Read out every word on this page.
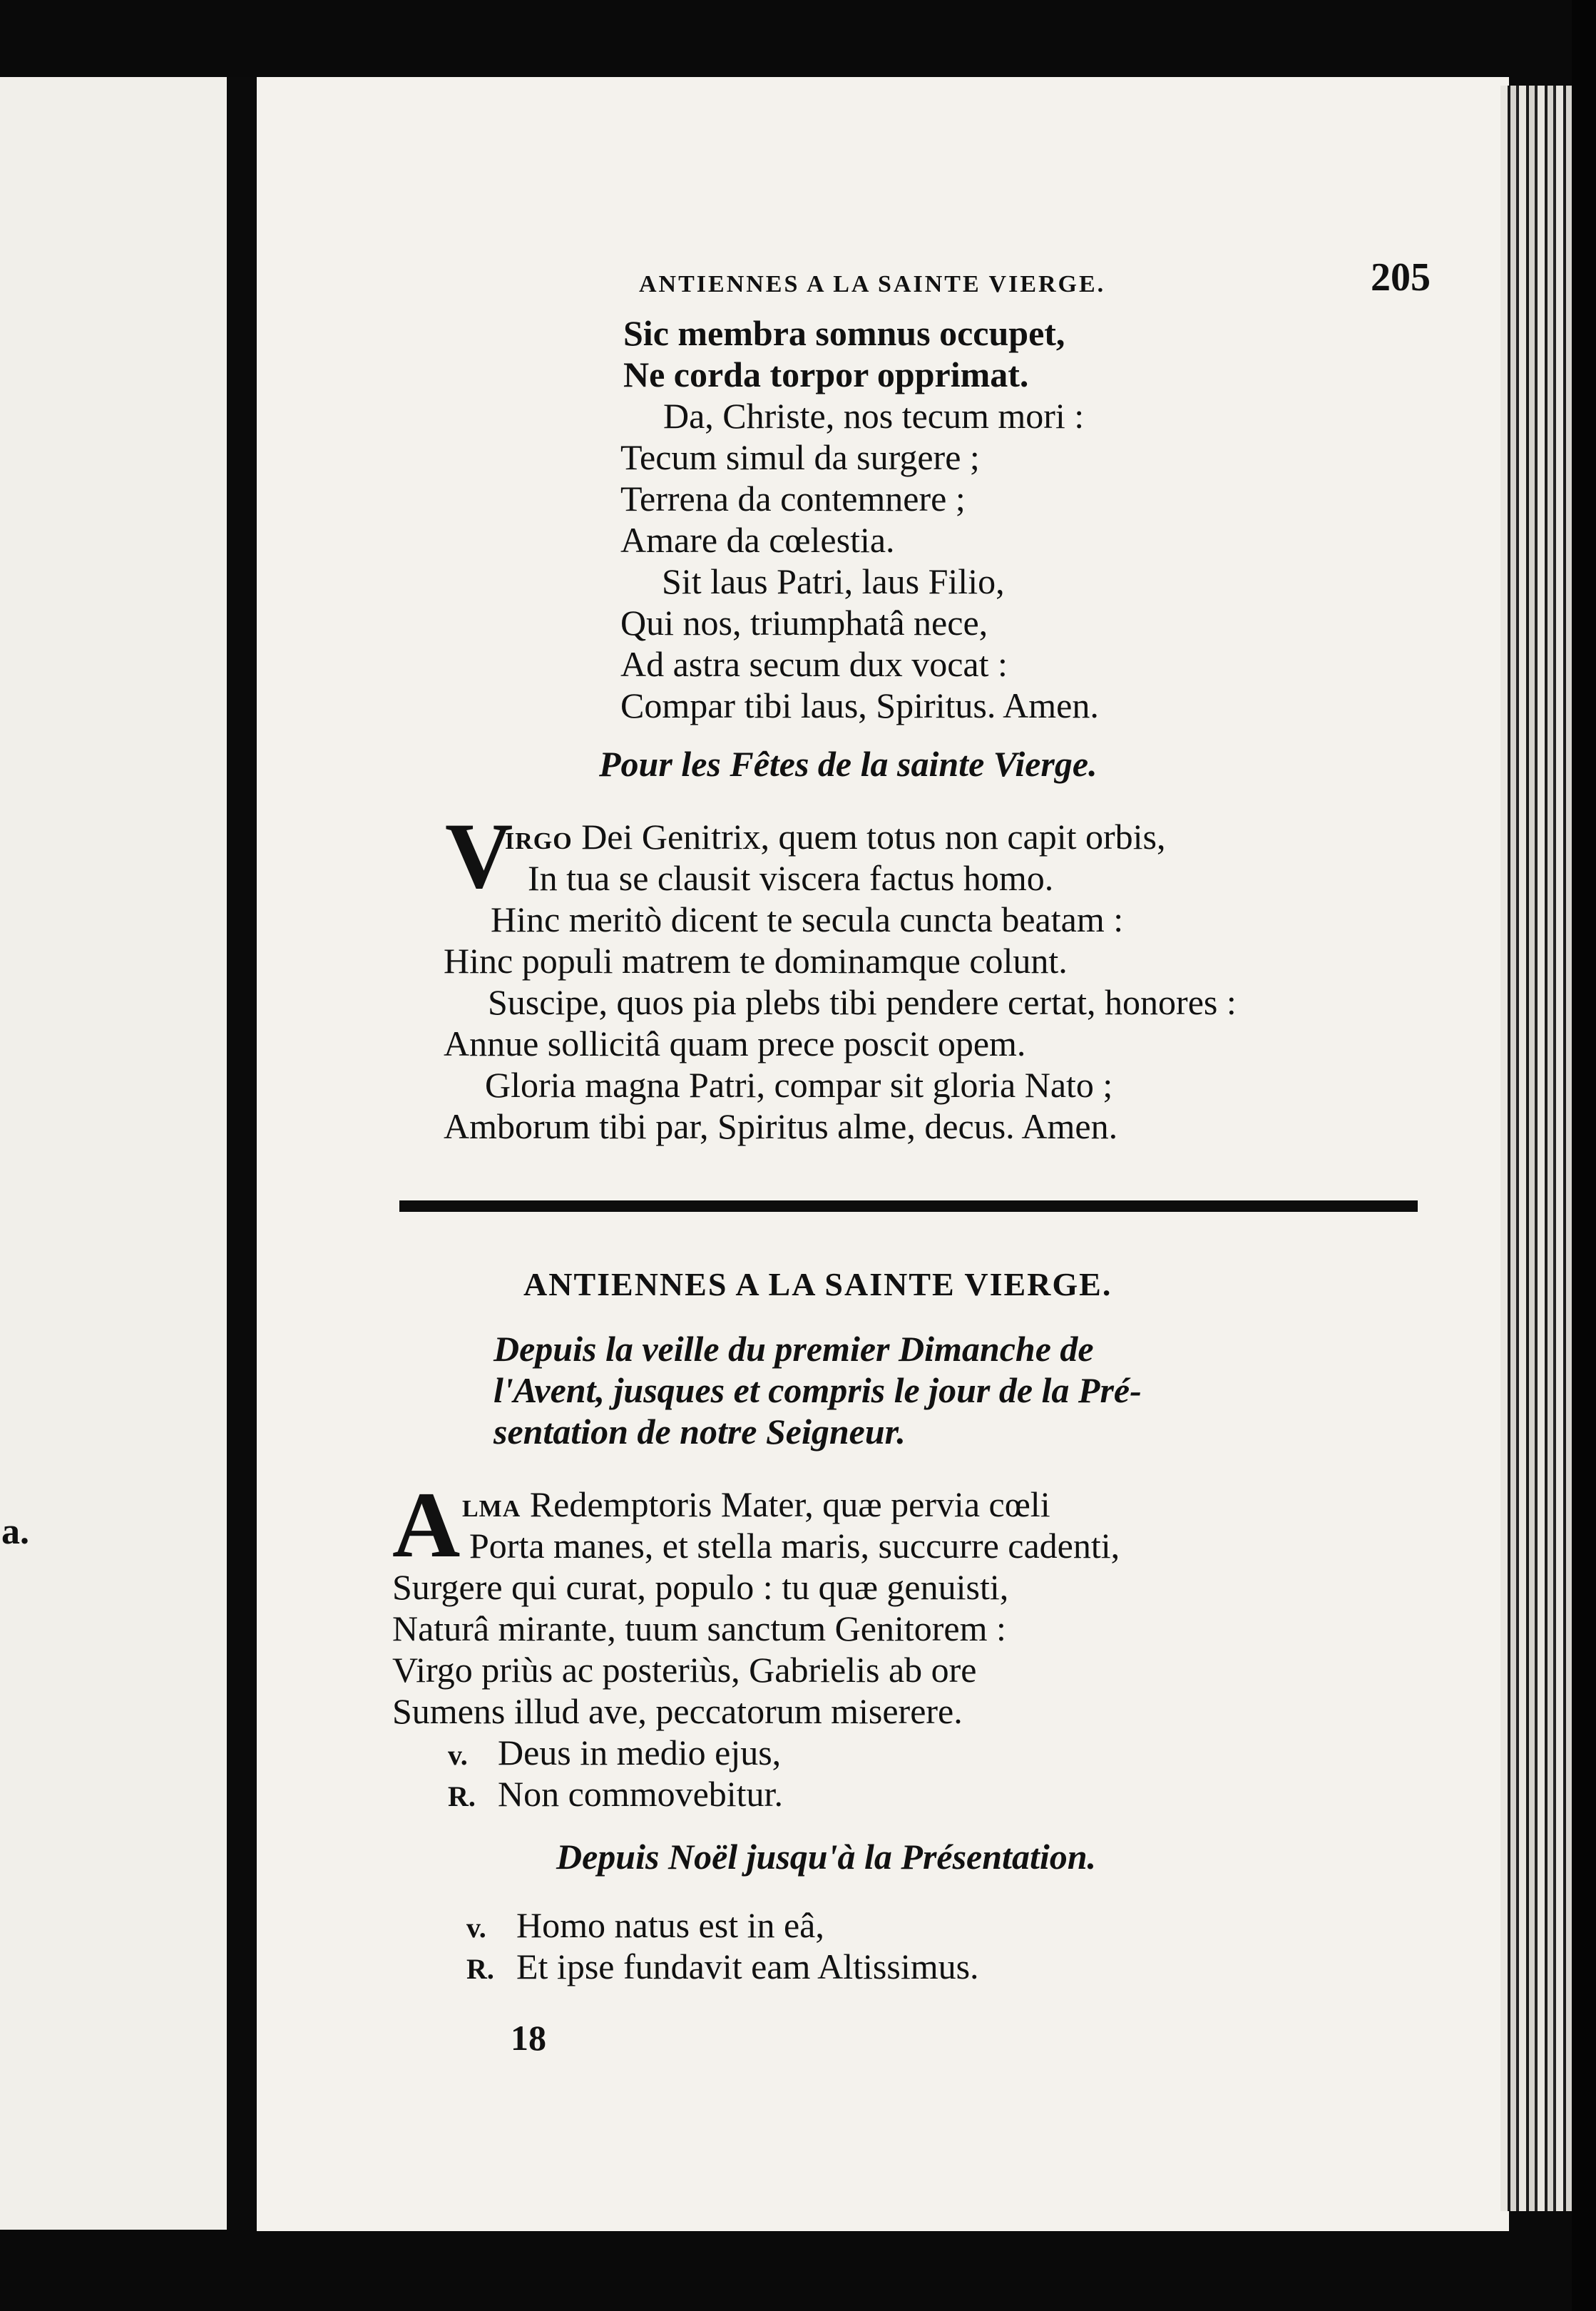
a.
ANTIENNES A LA SAINTE VIERGE.	205
Sic membra somnus occupet,
Ne corda torpor opprimat.
Da, Christe, nos tecum mori :
Tecum simul da surgere ;
Terrena da contemnere ;
Amare da cœlestia.
Sit laus Patri, laus Filio,
Qui nos, triumphatâ nece,
Ad astra secum dux vocat :
Compar tibi laus, Spiritus. Amen.
Pour les Fêtes de la sainte Vierge.
V
IRGO Dei Genitrix, quem totus non capit orbis,
In tua se clausit viscera factus homo.
Hinc meritò dicent te secula cuncta beatam :
Hinc populi matrem te dominamque colunt.
Suscipe, quos pia plebs tibi pendere certat, honores :
Annue sollicitâ quam prece poscit opem.
Gloria magna Patri, compar sit gloria Nato ;
Amborum tibi par, Spiritus alme, decus. Amen.
ANTIENNES A LA SAINTE VIERGE.
Depuis la veille du premier Dimanche de
l'Avent, jusques et compris le jour de la Pré-
sentation de notre Seigneur.
A LMA Redemptoris Mater, quæ pervia cœli
Porta manes, et stella maris, succurre cadenti,
Surgere qui curat, populo : tu quæ genuisti,
Naturâ mirante, tuum sanctum Genitorem :
Virgo priùs ac posteriùs, Gabrielis ab ore
Sumens illud ave, peccatorum miserere.
v. Deus in medio ejus,
R. Non commovebitur.
Depuis Noël jusqu'à la Présentation.
v. Homo natus est in eâ,
R. Et ipse fundavit eam Altissimus.
18
